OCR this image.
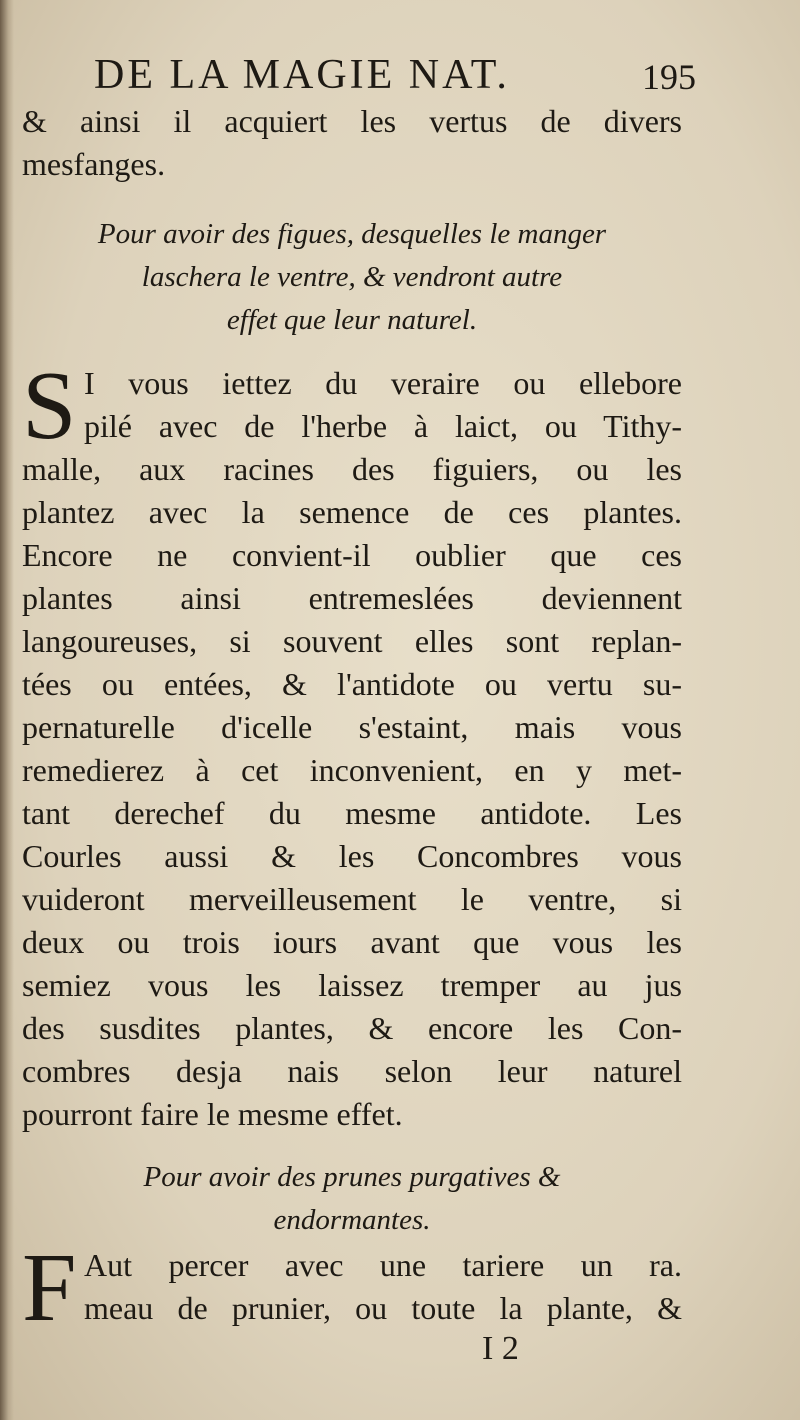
DE LA MAGIE NAT.	195
& ainsi il acquiert les vertus de divers
mesfanges.
Pour avoir des figues, desquelles le manger
laschera le ventre, & vendront autre
effet que leur naturel.
S I vous iettez du veraire ou ellebore
pilé avec de l'herbe à laict, ou Tithy-
malle, aux racines des figuiers, ou les
plantez avec la semence de ces plantes.
Encore ne convient-il oublier que ces
plantes ainsi entremeslées deviennent
langoureuses, si souvent elles sont replan-
tées ou entées, & l'antidote ou vertu su-
pernaturelle d'icelle s'estaint, mais vous
remedierez à cet inconvenient, en y met-
tant derechef du mesme antidote. Les
Courles aussi & les Concombres vous
vuideront merveilleusement le ventre, si
deux ou trois iours avant que vous les
semiez vous les laissez tremper au jus
des susdites plantes, & encore les Con-
combres desja nais selon leur naturel
pourront faire le mesme effet.
Pour avoir des prunes purgatives &
endormantes.
F Aut percer avec une tariere un ra.
meau de prunier, ou toute la plante, &
I 2
